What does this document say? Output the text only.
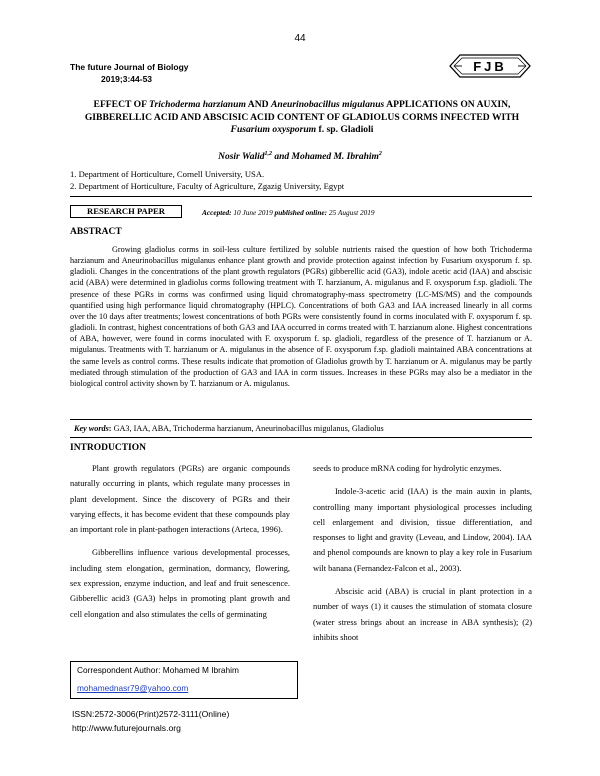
44
The future Journal of Biology
2019;3:44-53
FJB
EFFECT OF Trichoderma harzianum AND Aneurinobacillus migulanus APPLICATIONS ON AUXIN, GIBBERELLIC ACID AND ABSCISIC ACID CONTENT OF GLADIOLUS CORMS INFECTED WITH Fusarium oxysporum f. sp. Gladioli
Nosir Walid$^{1,2}$ and Mohamed M. Ibrahim$^2$
1. Department of Horticulture, Cornell University, USA.
2. Department of Horticulture, Faculty of Agriculture, Zgazig University, Egypt
RESEARCH PAPER	Accepted: 10 June 2019 published online: 25 August 2019
ABSTRACT
Growing gladiolus corms in soil-less culture fertilized by soluble nutrients raised the question of how both Trichoderma harzianum and Aneurinobacillus migulanus enhance plant growth and provide protection against infection by Fusarium oxysporum f. sp. gladioli. Changes in the concentrations of the plant growth regulators (PGRs) gibberellic acid (GA3), indole acetic acid (IAA) and abscisic acid (ABA) were determined in gladiolus corms following treatment with T. harzianum, A. migulanus and F. oxysporum f.sp. gladioli. The presence of these PGRs in corms was confirmed using liquid chromatography-mass spectrometry (LC-MS/MS) and the compounds quantified using high performance liquid chromatography (HPLC). Concentrations of both GA3 and IAA increased linearly in all corms over the 10 days after treatments; lowest concentrations of both PGRs were consistently found in corms inoculated with F. oxysporum f. sp. gladioli. In contrast, highest concentrations of both GA3 and IAA occurred in corms treated with T. harzianum alone. Highest concentrations of ABA, however, were found in corms inoculated with F. oxysporum f. sp. gladioli, regardless of the presence of T. harzianum or A. migulanus. Treatments with T. harzianum or A. migulanus in the absence of F. oxysporum f.sp. gladioli maintained ABA concentrations at the same levels as control corms. These results indicate that promotion of Gladiolus growth by T. harzianum or A. migulanus may be partly mediated through stimulation of the production of GA3 and IAA in corm tissues. Increases in these PGRs may also be a mediator in the biological control activity shown by T. harzianum or A. migulanus.
Key words: GA3, IAA, ABA, Trichoderma harzianum, Aneurinobacillus migulanus, Gladiolus
INTRODUCTION

Plant growth regulators (PGRs) are organic compounds naturally occurring in plants, which regulate many processes in plant development. Since the discovery of PGRs and their varying effects, it has become evident that these compounds play an important role in plant-pathogen interactions (Arteca, 1996).

Gibberellins influence various developmental processes, including stem elongation, germination, dormancy, flowering, sex expression, enzyme induction, and leaf and fruit senescence. Gibberellic acid3 (GA3) helps in promoting plant growth and cell elongation and also stimulates the cells of germinating

seeds to produce mRNA coding for hydrolytic enzymes.

Indole-3-acetic acid (IAA) is the main auxin in plants, controlling many important physiological processes including cell enlargement and division, tissue differentiation, and responses to light and gravity (Leveau, and Lindow, 2004). IAA and phenol compounds are known to play a key role in Fusarium wilt banana (Fernandez-Falcon et al., 2003).

Abscisic acid (ABA) is crucial in plant protection in a number of ways (1) it causes the stimulation of stomata closure (water stress brings about an increase in ABA synthesis); (2) inhibits shoot

Correspondent Author: Mohamed M Ibrahim
mohamednasr79@yahoo.com
ISSN:2572-3006(Print)2572-3111(Online)
http://www.futurejournals.org
